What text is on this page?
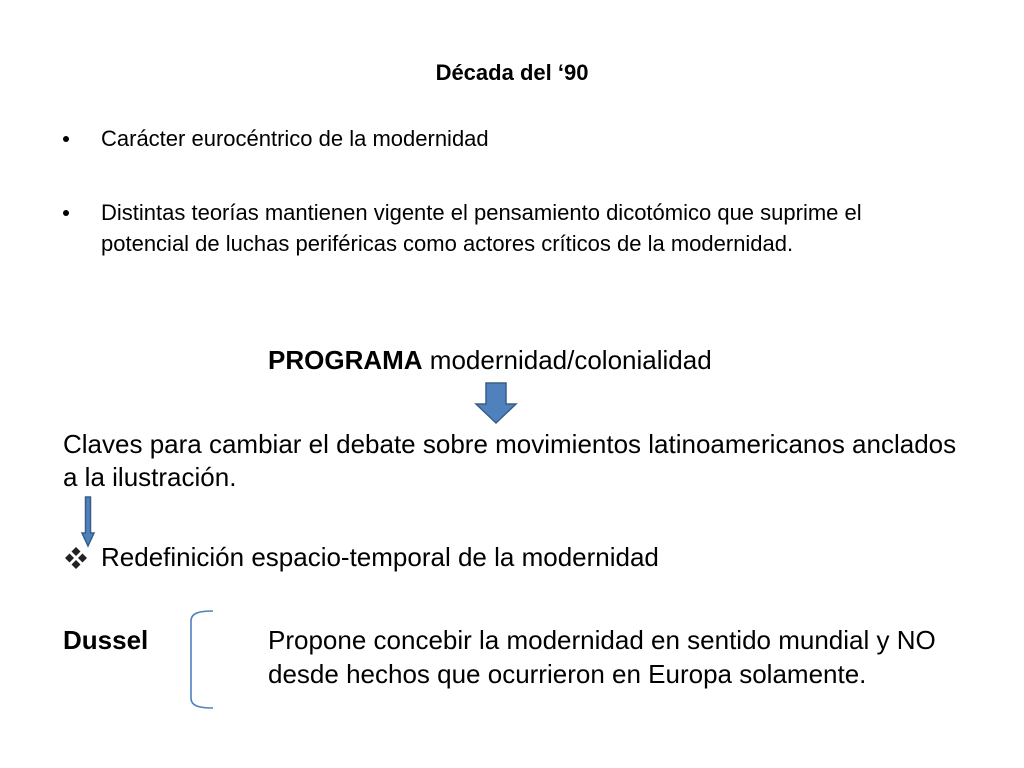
Década del ‘90
Carácter eurocéntrico de la modernidad
Distintas teorías mantienen vigente el pensamiento dicotómico que suprime el
potencial de luchas periféricas como actores críticos de la modernidad.
PROGRAMA modernidad/colonialidad
Claves para cambiar el debate sobre movimientos latinoamericanos anclados
a la ilustración.
Redefinición espacio-temporal de la modernidad
Dussel	Propone concebir la modernidad en sentido mundial y NO
desde hechos que ocurrieron en Europa solamente.
